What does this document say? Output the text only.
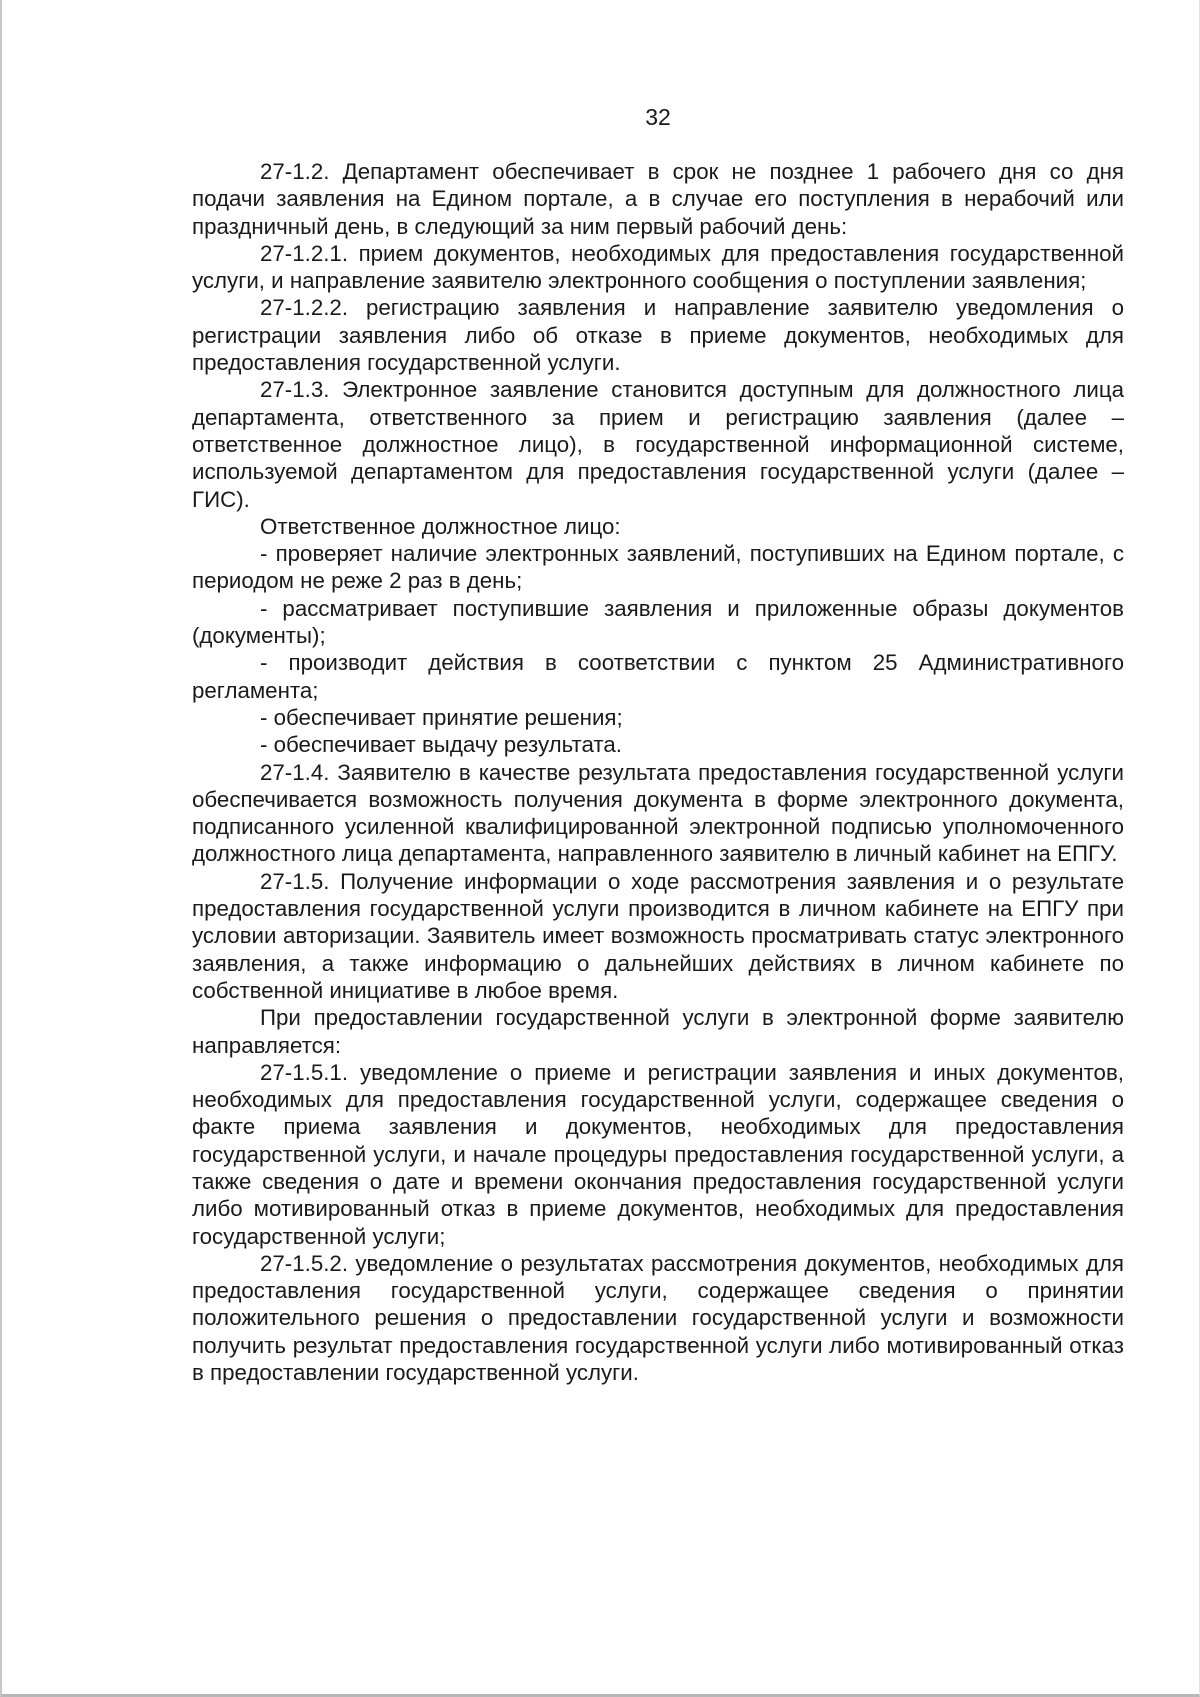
32

27-1.2. Департамент обеспечивает в срок не позднее 1 рабочего дня со дня подачи заявления на Едином портале, а в случае его поступления в нерабочий или праздничный день, в следующий за ним первый рабочий день:

27-1.2.1. прием документов, необходимых для предоставления государственной услуги, и направление заявителю электронного сообщения о поступлении заявления;

27-1.2.2. регистрацию заявления и направление заявителю уведомления о регистрации заявления либо об отказе в приеме документов, необходимых для предоставления государственной услуги.

27-1.3. Электронное заявление становится доступным для должностного лица департамента, ответственного за прием и регистрацию заявления (далее – ответственное должностное лицо), в государственной информационной системе, используемой департаментом для предоставления государственной услуги (далее – ГИС).

Ответственное должностное лицо:

- проверяет наличие электронных заявлений, поступивших на Едином портале, с периодом не реже 2 раз в день;

- рассматривает поступившие заявления и приложенные образы документов (документы);

- производит действия в соответствии с пунктом 25 Административного регламента;

- обеспечивает принятие решения;

- обеспечивает выдачу результата.

27-1.4. Заявителю в качестве результата предоставления государственной услуги обеспечивается возможность получения документа в форме электронного документа, подписанного усиленной квалифицированной электронной подписью уполномоченного должностного лица департамента, направленного заявителю в личный кабинет на ЕПГУ.

27-1.5. Получение информации о ходе рассмотрения заявления и о результате предоставления государственной услуги производится в личном кабинете на ЕПГУ при условии авторизации. Заявитель имеет возможность просматривать статус электронного заявления, а также информацию о дальнейших действиях в личном кабинете по собственной инициативе в любое время.

При предоставлении государственной услуги в электронной форме заявителю направляется:

27-1.5.1. уведомление о приеме и регистрации заявления и иных документов, необходимых для предоставления государственной услуги, содержащее сведения о факте приема заявления и документов, необходимых для предоставления государственной услуги, и начале процедуры предоставления государственной услуги, а также сведения о дате и времени окончания предоставления государственной услуги либо мотивированный отказ в приеме документов, необходимых для предоставления государственной услуги;

27-1.5.2. уведомление о результатах рассмотрения документов, необходимых для предоставления государственной услуги, содержащее сведения о принятии положительного решения о предоставлении государственной услуги и возможности получить результат предоставления государственной услуги либо мотивированный отказ в предоставлении государственной услуги.
